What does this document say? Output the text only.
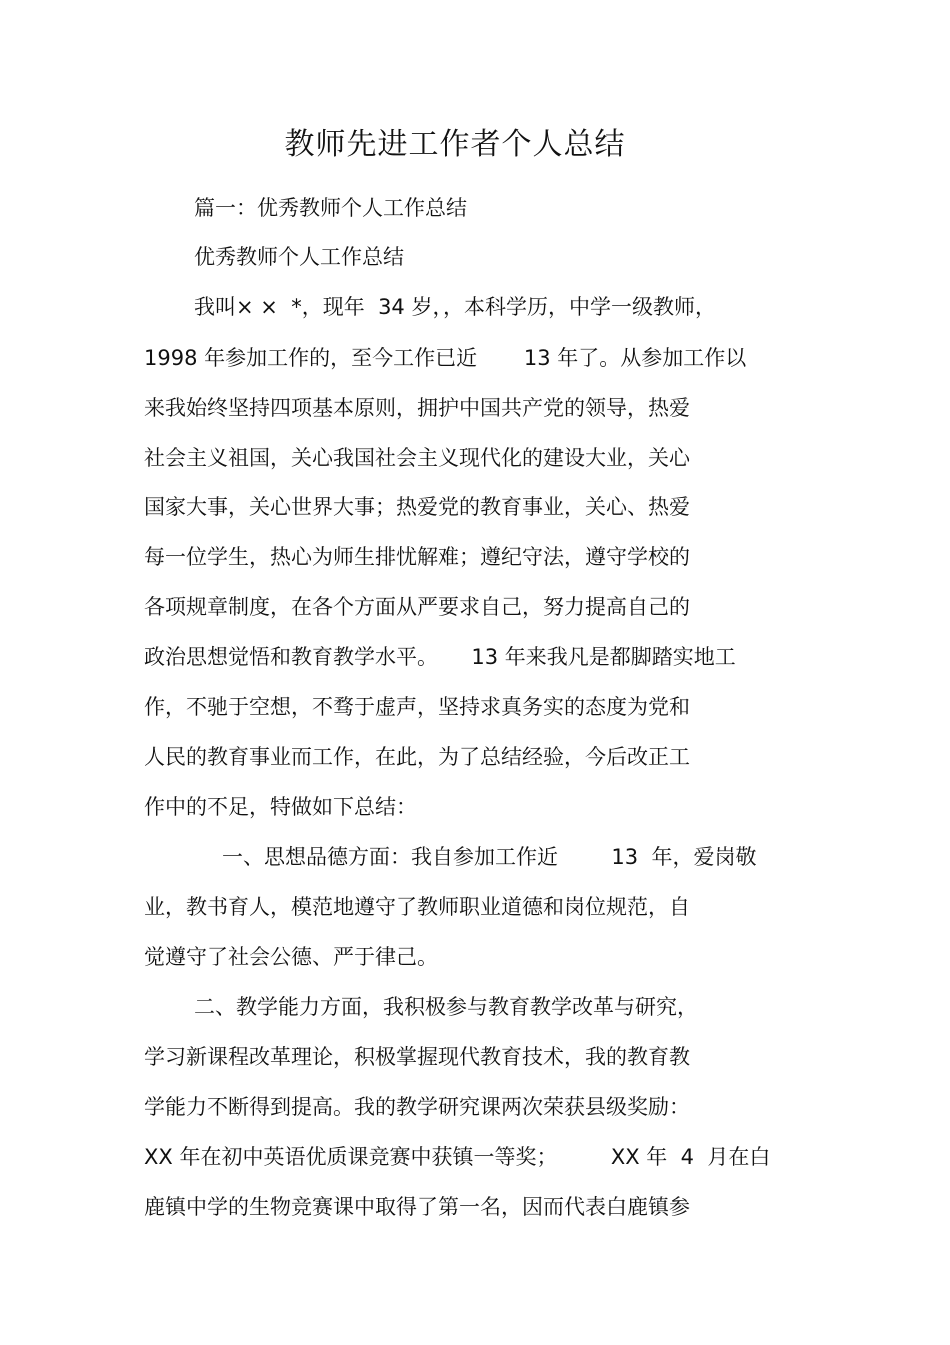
教师先进工作者个人总结

篇一：优秀教师个人工作总结

优秀教师个人工作总结

我叫× ×  *，现年  34 岁，，本科学历，中学一级教师，

1998 年参加工作的，至今工作已近       13 年了。从参加工作以

来我始终坚持四项基本原则，拥护中国共产党的领导，热爱

社会主义祖国，关心我国社会主义现代化的建设大业，关心

国家大事，关心世界大事；热爱党的教育事业，关心、热爱

每一位学生，热心为师生排忧解难；遵纪守法，遵守学校的

各项规章制度，在各个方面从严要求自己，努力提高自己的

政治思想觉悟和教育教学水平。     13 年来我凡是都脚踏实地工

作，不驰于空想，不骛于虚声，坚持求真务实的态度为党和

人民的教育事业而工作，在此，为了总结经验，今后改正工

作中的不足，特做如下总结：

一、思想品德方面：我自参加工作近        13  年，爱岗敬

业，教书育人，模范地遵守了教师职业道德和岗位规范，自

觉遵守了社会公德、严于律己。

二、教学能力方面，我积极参与教育教学改革与研究，

学习新课程改革理论，积极掌握现代教育技术，我的教育教

学能力不断得到提高。我的教学研究课两次荣获县级奖励：

XX 年在初中英语优质课竞赛中获镇一等奖；        XX 年  4  月在白

鹿镇中学的生物竞赛课中取得了第一名，因而代表白鹿镇参
